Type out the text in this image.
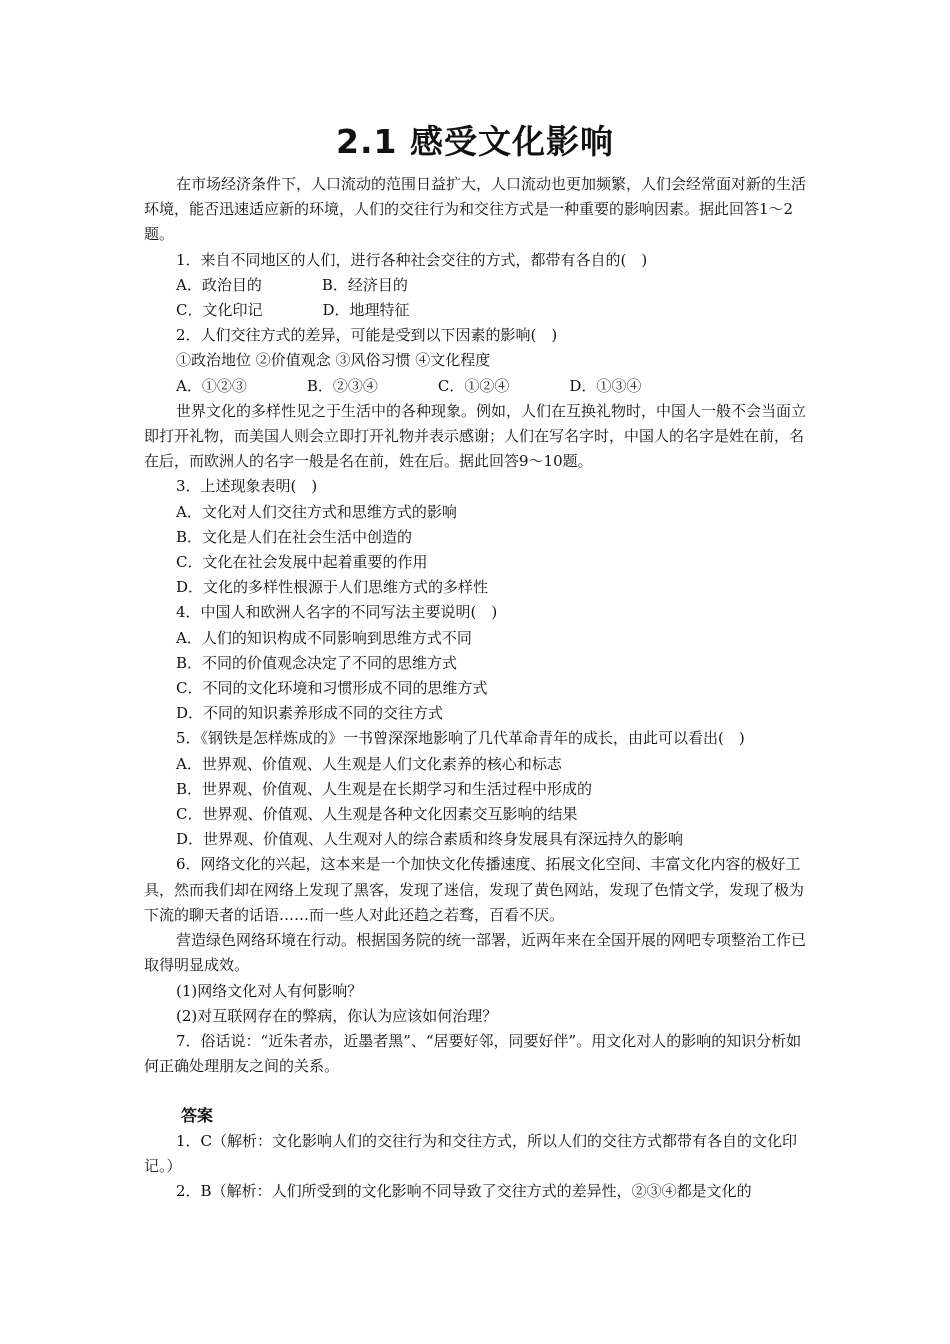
2.1 感受文化影响

在市场经济条件下，人口流动的范围日益扩大，人口流动也更加频繁，人们会经常面对新的生活环境，能否迅速适应新的环境，人们的交往行为和交往方式是一种重要的影响因素。据此回答1～2题。

1．来自不同地区的人们，进行各种社会交往的方式，都带有各自的(　)

A．政治目的　　　　B．经济目的

C．文化印记　　　　D．地理特征

2．人们交往方式的差异，可能是受到以下因素的影响(　)

①政治地位 ②价值观念 ③风俗习惯 ④文化程度

A．①②③　　　　B．②③④　　　　C．①②④　　　　D．①③④

世界文化的多样性见之于生活中的各种现象。例如，人们在互换礼物时，中国人一般不会当面立即打开礼物，而美国人则会立即打开礼物并表示感谢；人们在写名字时，中国人的名字是姓在前，名在后，而欧洲人的名字一般是名在前，姓在后。据此回答9～10题。

3．上述现象表明(　)

A．文化对人们交往方式和思维方式的影响

B．文化是人们在社会生活中创造的

C．文化在社会发展中起着重要的作用

D．文化的多样性根源于人们思维方式的多样性

4．中国人和欧洲人名字的不同写法主要说明(　)

A．人们的知识构成不同影响到思维方式不同

B．不同的价值观念决定了不同的思维方式

C．不同的文化环境和习惯形成不同的思维方式

D．不同的知识素养形成不同的交往方式

5．《钢铁是怎样炼成的》一书曾深深地影响了几代革命青年的成长，由此可以看出(　)

A．世界观、价值观、人生观是人们文化素养的核心和标志

B．世界观、价值观、人生观是在长期学习和生活过程中形成的

C．世界观、价值观、人生观是各种文化因素交互影响的结果

D．世界观、价值观、人生观对人的综合素质和终身发展具有深远持久的影响

6．网络文化的兴起，这本来是一个加快文化传播速度、拓展文化空间、丰富文化内容的极好工具，然而我们却在网络上发现了黑客，发现了迷信，发现了黄色网站，发现了色情文学，发现了极为下流的聊天者的话语……而一些人对此还趋之若骛，百看不厌。

营造绿色网络环境在行动。根据国务院的统一部署，近两年来在全国开展的网吧专项整治工作已取得明显成效。

(1)网络文化对人有何影响？

(2)对互联网存在的弊病，你认为应该如何治理？

7．俗话说：“近朱者赤，近墨者黑”、“居要好邻，同要好伴”。用文化对人的影响的知识分析如何正确处理朋友之间的关系。

答案

1．C（解析：文化影响人们的交往行为和交往方式，所以人们的交往方式都带有各自的文化印记。）

2．B（解析：人们所受到的文化影响不同导致了交往方式的差异性，②③④都是文化的
